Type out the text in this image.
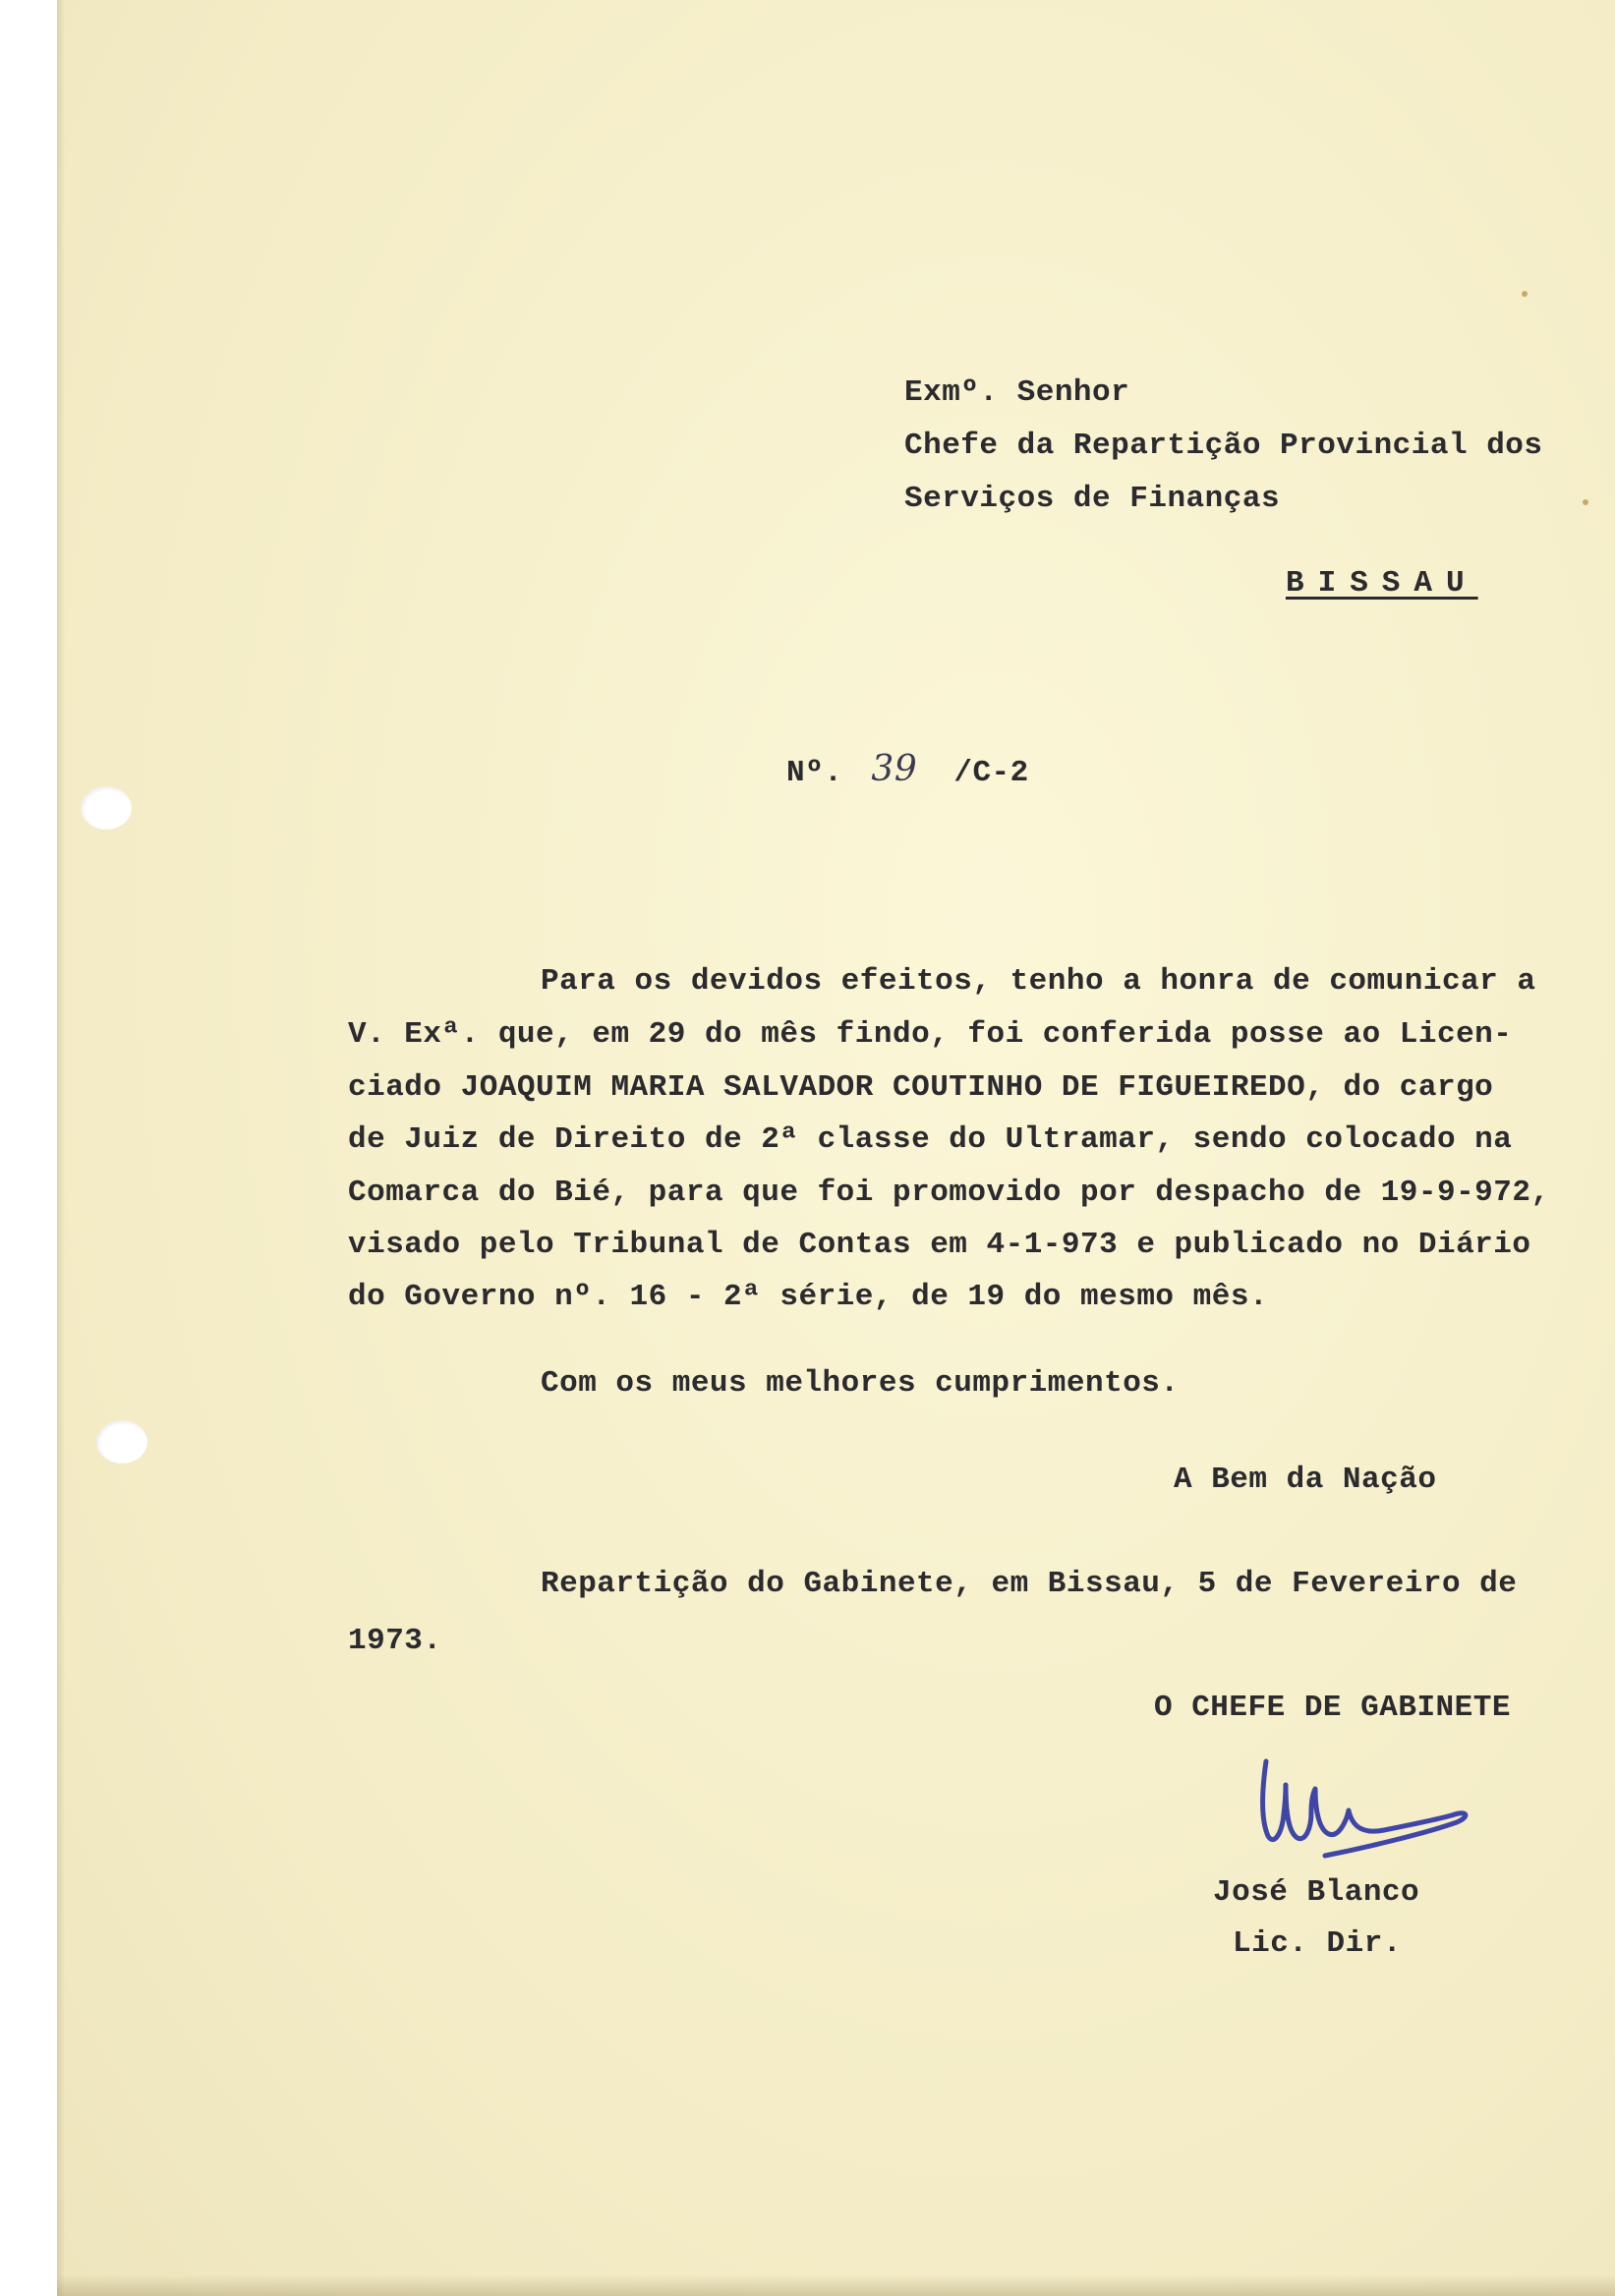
Exmº. Senhor
Chefe da Repartição Provincial dos
Serviços de Finanças
BISSAU
Nº. 39 /C-2
Para os devidos efeitos, tenho a honra de comunicar a
V. Exª. que, em 29 do mês findo, foi conferida posse ao Licen-
ciado JOAQUIM MARIA SALVADOR COUTINHO DE FIGUEIREDO, do cargo
de Juiz de Direito de 2ª classe do Ultramar, sendo colocado na
Comarca do Bié, para que foi promovido por despacho de 19-9-972,
visado pelo Tribunal de Contas em 4-1-973 e publicado no Diário
do Governo nº. 16 - 2ª série, de 19 do mesmo mês.
Com os meus melhores cumprimentos.
A Bem da Nação
Repartição do Gabinete, em Bissau, 5 de Fevereiro de
1973.
O CHEFE DE GABINETE
José Blanco
Lic. Dir.
